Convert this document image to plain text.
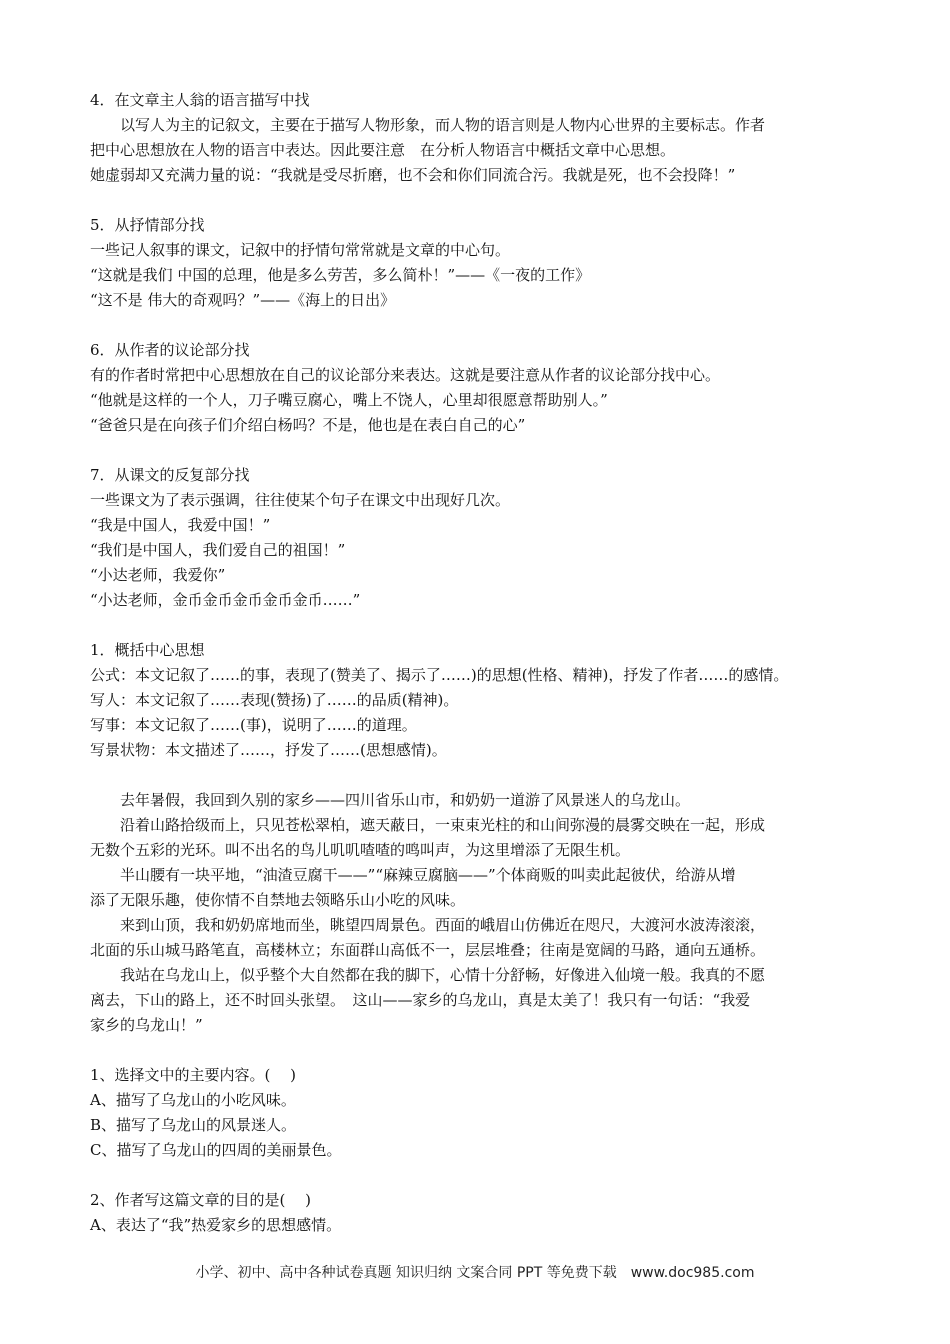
4．在文章主人翁的语言描写中找
以写人为主的记叙文，主要在于描写人物形象，而人物的语言则是人物内心世界的主要标志。作者
把中心思想放在人物的语言中表达。因此要注意　在分析人物语言中概括文章中心思想。
她虚弱却又充满力量的说：“我就是受尽折磨，也不会和你们同流合污。我就是死，也不会投降！”
5．从抒情部分找
一些记人叙事的课文，记叙中的抒情句常常就是文章的中心句。
“这就是我们 中国的总理，他是多么劳苦，多么简朴！”——《一夜的工作》
“这不是 伟大的奇观吗？”——《海上的日出》
6．从作者的议论部分找
有的作者时常把中心思想放在自己的议论部分来表达。这就是要注意从作者的议论部分找中心。
“他就是这样的一个人，刀子嘴豆腐心，嘴上不饶人，心里却很愿意帮助别人。”
“爸爸只是在向孩子们介绍白杨吗？不是，他也是在表白自己的心”
7．从课文的反复部分找
一些课文为了表示强调，往往使某个句子在课文中出现好几次。
“我是中国人，我爱中国！”
“我们是中国人，我们爱自己的祖国！”
“小达老师，我爱你”
“小达老师，金币金币金币金币金币……”
1．概括中心思想
公式：本文记叙了……的事，表现了(赞美了、揭示了……)的思想(性格、精神)，抒发了作者……的感情。
写人：本文记叙了……表现(赞扬)了……的品质(精神)。
写事：本文记叙了……(事)，说明了……的道理。
写景状物：本文描述了……，抒发了……(思想感情)。
去年暑假，我回到久别的家乡——四川省乐山市，和奶奶一道游了风景迷人的乌龙山。
沿着山路拾级而上，只见苍松翠柏，遮天蔽日，一束束光柱的和山间弥漫的晨雾交映在一起，形成
无数个五彩的光环。叫不出名的鸟儿叽叽喳喳的鸣叫声，为这里增添了无限生机。
半山腰有一块平地，“油渣豆腐干——”“麻辣豆腐脑——”个体商贩的叫卖此起彼伏，给游从增
添了无限乐趣，使你情不自禁地去领略乐山小吃的风味。
来到山顶，我和奶奶席地而坐，眺望四周景色。西面的峨眉山仿佛近在咫尺，大渡河水波涛滚滚，
北面的乐山城马路笔直，高楼林立；东面群山高低不一，层层堆叠；往南是宽阔的马路，通向五通桥。
我站在乌龙山上，似乎整个大自然都在我的脚下，心情十分舒畅，好像进入仙境一般。我真的不愿
离去，下山的路上，还不时回头张望。　这山——家乡的乌龙山，真是太美了！我只有一句话：“我爱
家乡的乌龙山！”
1、选择文中的主要内容。(　 )
A、描写了乌龙山的小吃风味。
B、描写了乌龙山的风景迷人。
C、描写了乌龙山的四周的美丽景色。
2、作者写这篇文章的目的是(　 )
A、表达了“我”热爱家乡的思想感情。
小学、初中、高中各种试卷真题 知识归纳 文案合同 PPT 等免费下载　www.doc985.com
